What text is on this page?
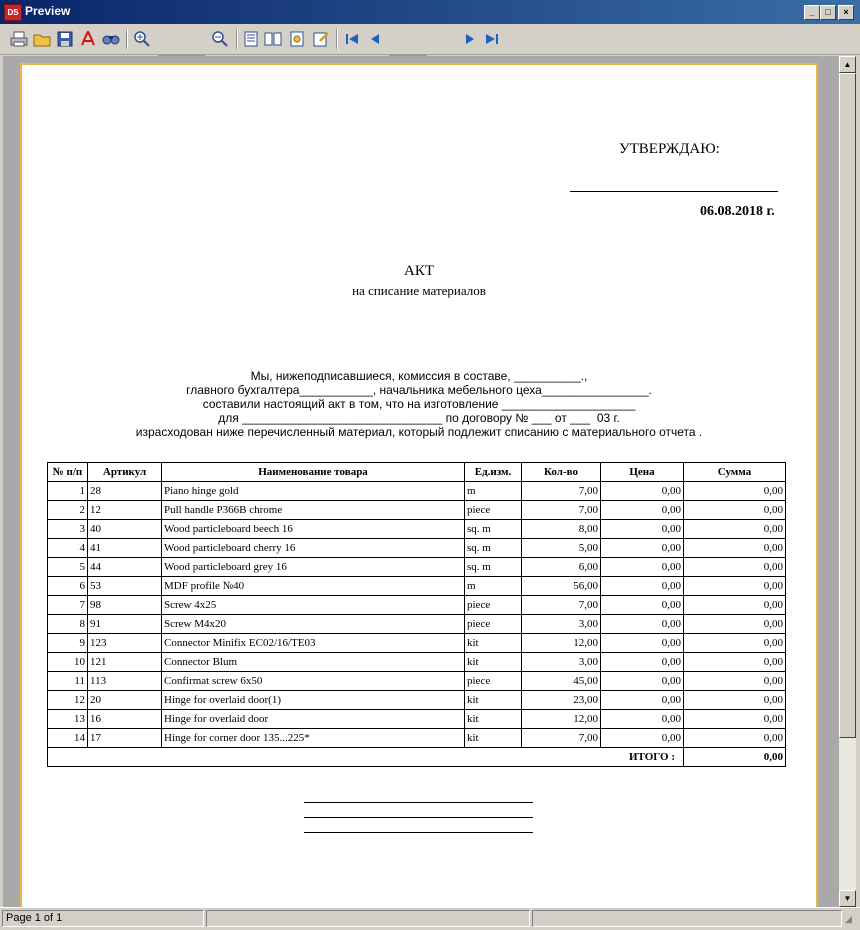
DS Preview	_	□	×
УТВЕРЖДАЮ:
06.08.2018 г.
АКТ
на списание материалов
Мы, нижеподписавшиеся, комиссия в составе, __________.,
главного бухгалтера___________, начальника мебельного цеха________________.
составили настоящий акт в том, что на изготовление ____________________
для ______________________________ по договору № ___ от ___  03 г.
израсходован ниже перечисленный материал, который подлежит списанию с материального отчета .
№ п/п	Артикул	Наименование товара	Ед.изм.	Кол-во	Цена	Сумма
1	28	Piano hinge gold	m	7,00	0,00	0,00
2	12	Pull handle P366B chrome	piece	7,00	0,00	0,00
3	40	Wood particleboard beech 16	sq. m	8,00	0,00	0,00
4	41	Wood particleboard cherry 16	sq. m	5,00	0,00	0,00
5	44	Wood particleboard grey 16	sq. m	6,00	0,00	0,00
6	53	MDF profile №40	m	56,00	0,00	0,00
7	98	Screw 4x25	piece	7,00	0,00	0,00
8	91	Screw M4x20	piece	3,00	0,00	0,00
9	123	Connector Minifix EC02/16/TE03	kit	12,00	0,00	0,00
10	121	Connector Blum	kit	3,00	0,00	0,00
11	113	Confirmat screw 6x50	piece	45,00	0,00	0,00
12	20	Hinge for overlaid door(1)	kit	23,00	0,00	0,00
13	16	Hinge for overlaid door	kit	12,00	0,00	0,00
14	17	Hinge for corner door 135...225*	kit	7,00	0,00	0,00
ИТОГО :						0,00
▲
▼
Page 1 of 1	◢
